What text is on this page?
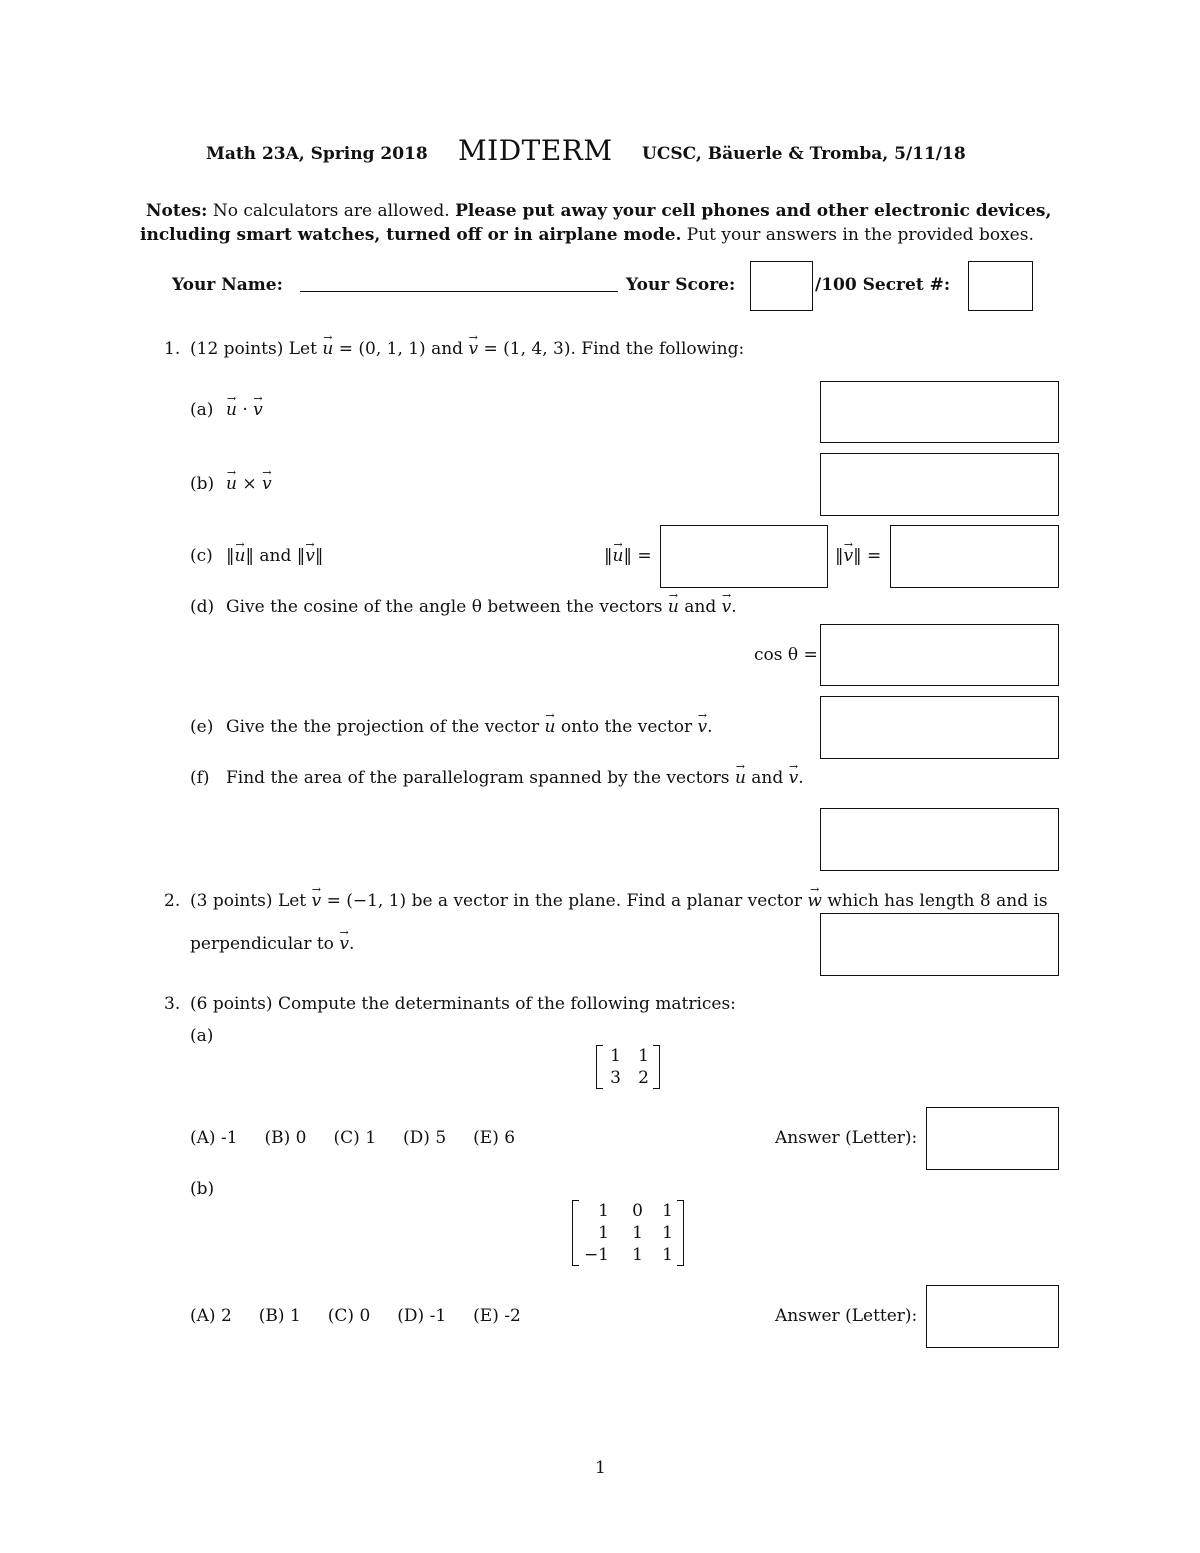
Math 23A, Spring 2018 MIDTERM UCSC, Bäuerle & Tromba, 5/11/18
Notes: No calculators are allowed. Please put away your cell phones and other electronic devices,
including smart watches, turned off or in airplane mode. Put your answers in the provided boxes.
Your Name:	Your Score:	/100 Secret #:
1. (12 points) Let → u = (0, 1, 1) and → v = (1, 4, 3). Find the following:
(a) → u · → v
(b) → u × → v
(c) ‖→ u‖ and ‖→ v‖	‖→ u‖ =	‖→ v‖ =
(d) Give the cosine of the angle θ between the vectors → u and → v.
cos θ =
(e) Give the the projection of the vector → u onto the vector → v.
(f) Find the area of the parallelogram spanned by the vectors → u and → v.
2. (3 points) Let → v = (−1, 1) be a vector in the plane. Find a planar vector → w which has length 8 and is
perpendicular to → v.
3. (6 points) Compute the determinants of the following matrices:
(a)
1	1
3	2
(A) -1     (B) 0     (C) 1     (D) 5     (E) 6	Answer (Letter):
(b)
1	0	1
1	1	1
−1	1	1
(A) 2     (B) 1     (C) 0     (D) -1     (E) -2	Answer (Letter):
1
